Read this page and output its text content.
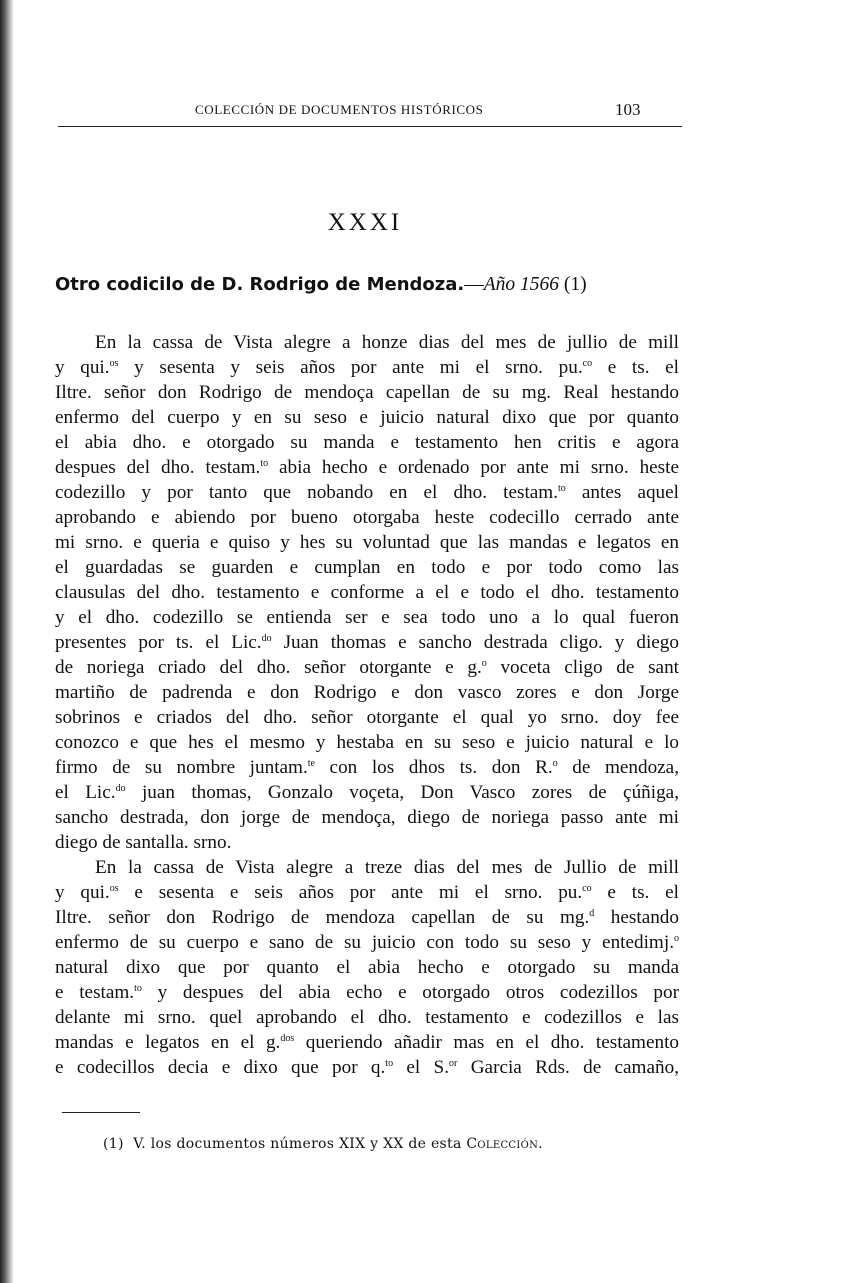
COLECCIÓN DE DOCUMENTOS HISTÓRICOS	103
XXXI
Otro codicilo de D. Rodrigo de Mendoza.—Año 1566 (1)
En la cassa de Vista alegre a honze dias del mes de jullio de mill
y qui.$^{os}$ y sesenta y seis años por ante mi el srno. pu.$^{co}$ e ts. el
Iltre. señor don Rodrigo de mendoça capellan de su mg. Real hestando
enfermo del cuerpo y en su seso e juicio natural dixo que por quanto
el abia dho. e otorgado su manda e testamento hen critis e agora
despues del dho. testam.$^{to}$ abia hecho e ordenado por ante mi srno. heste
codezillo y por tanto que nobando en el dho. testam.$^{to}$ antes aquel
aprobando e abiendo por bueno otorgaba heste codecillo cerrado ante
mi srno. e queria e quiso y hes su voluntad que las mandas e legatos en
el guardadas se guarden e cumplan en todo e por todo como las
clausulas del dho. testamento e conforme a el e todo el dho. testamento
y el dho. codezillo se entienda ser e sea todo uno a lo qual fueron
presentes por ts. el Lic.$^{do}$ Juan thomas e sancho destrada cligo. y diego
de noriega criado del dho. señor otorgante e g.$^o$ voceta cligo de sant
martiño de padrenda e don Rodrigo e don vasco zores e don Jorge
sobrinos e criados del dho. señor otorgante el qual yo srno. doy fee
conozco e que hes el mesmo y hestaba en su seso e juicio natural e lo
firmo de su nombre juntam.$^{te}$ con los dhos ts. don R.$^o$ de mendoza,
el Lic.$^{do}$ juan thomas, Gonzalo voçeta, Don Vasco zores de çúñiga,
sancho destrada, don jorge de mendoça, diego de noriega passo ante mi
diego de santalla. srno.
En la cassa de Vista alegre a treze dias del mes de Jullio de mill
y qui.$^{os}$ e sesenta e seis años por ante mi el srno. pu.$^{co}$ e ts. el
Iltre. señor don Rodrigo de mendoza capellan de su mg.$^d$ hestando
enfermo de su cuerpo e sano de su juicio con todo su seso y entedimj.$^o$
natural dixo que por quanto el abia hecho e otorgado su manda
e testam.$^{to}$ y despues del abia echo e otorgado otros codezillos por
delante mi srno. quel aprobando el dho. testamento e codezillos e las
mandas e legatos en el g.$^{dos}$ queriendo añadir mas en el dho. testamento
e codecillos decia e dixo que por q.$^{to}$ el S.$^{or}$ Garcia Rds. de camaño,
(1) V. los documentos números XIX y XX de esta Colección.
